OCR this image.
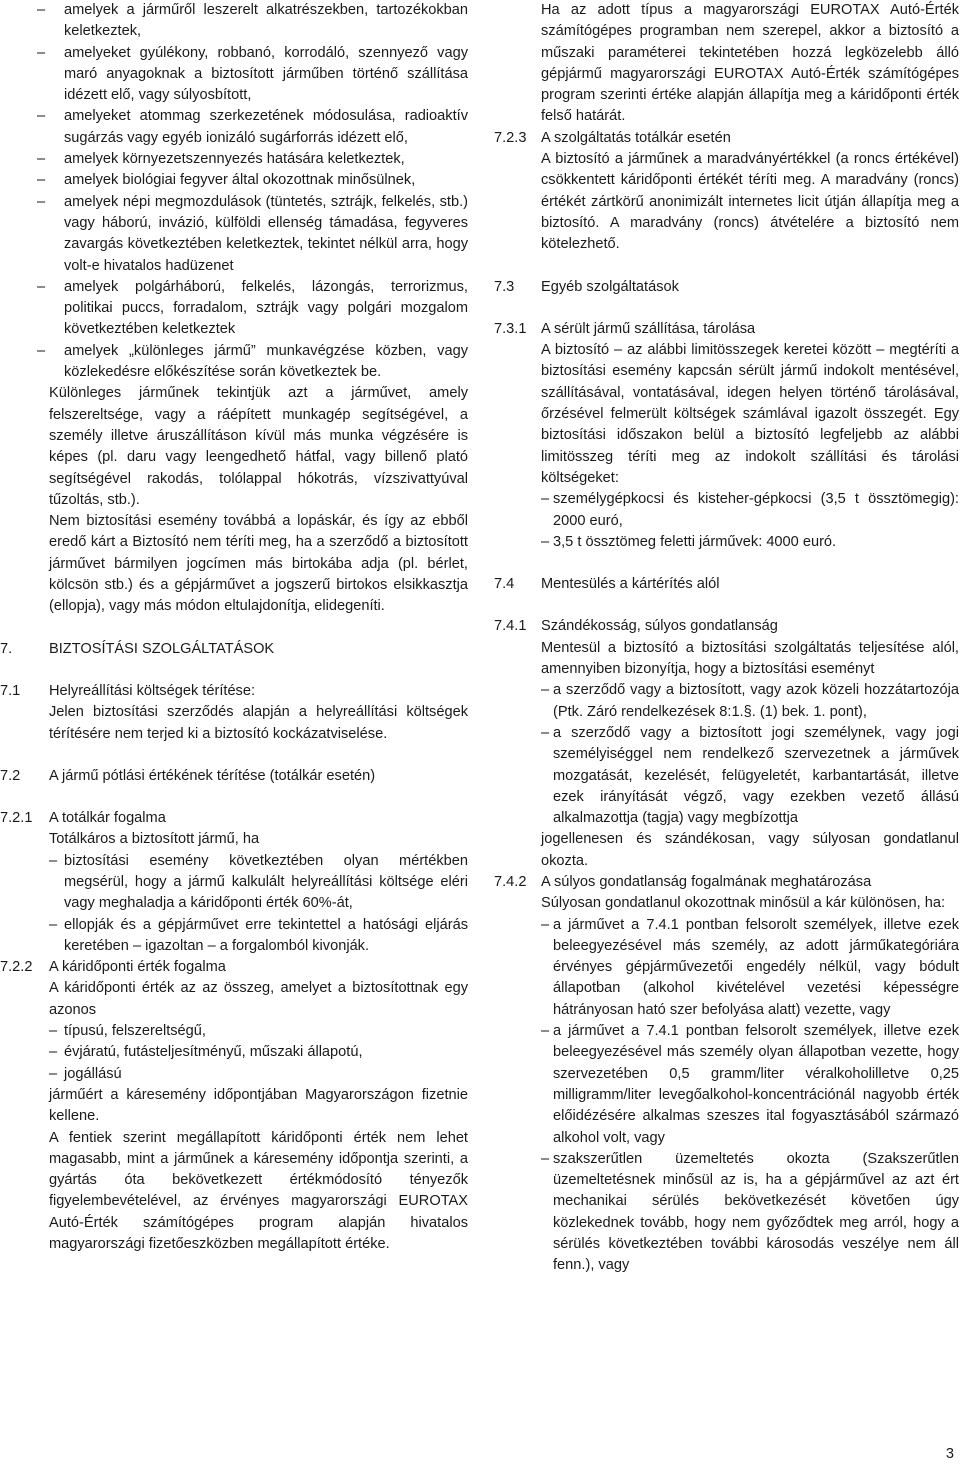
– amelyek a járműről leszerelt alkatrészekben, tartozékokban keletkeztek,

– amelyeket gyúlékony, robbanó, korrodáló, szennyező vagy maró anyagoknak a biztosított járműben történő szállítása idézett elő, vagy súlyosbított,

– amelyeket atommag szerkezetének módosulása, radioaktív sugárzás vagy egyéb ionizáló sugárforrás idézett elő,

– amelyek környezetszennyezés hatására keletkeztek,

– amelyek biológiai fegyver által okozottnak minősülnek,

– amelyek népi megmozdulások (tüntetés, sztrájk, felkelés, stb.) vagy háború, invázió, külföldi ellenség támadása, fegyveres zavargás következtében keletkeztek, tekintet nélkül arra, hogy volt-e hivatalos hadüzenet

– amelyek polgárháború, felkelés, lázongás, terrorizmus, politikai puccs, forradalom, sztrájk vagy polgári mozgalom következtében keletkeztek

– amelyek „különleges jármű” munkavégzése közben, vagy közlekedésre előkészítése során következtek be.

Különleges járműnek tekintjük azt a járművet, amely felszereltsége, vagy a ráépített munkagép segítségével, a személy illetve áruszállításon kívül más munka végzésére is képes (pl. daru vagy leengedhető hátfal, vagy billenő plató segítségével rakodás, tolólappal hókotrás, vízszivattyúval tűzoltás, stb.).

Nem biztosítási esemény továbbá a lopáskár, és így az ebből eredő kárt a Biztosító nem téríti meg, ha a szerződő a biztosított járművet bármilyen jogcímen más birtokába adja (pl. bérlet, kölcsön stb.) és a gépjárművet a jogszerű birtokos elsikkasztja (ellopja), vagy más módon eltulajdonítja, elidegeníti.

7.	BIZTOSÍTÁSI SZOLGÁLTATÁSOK

7.1 Helyreállítási költségek térítése:

Jelen biztosítási szerződés alapján a helyreállítási költségek térítésére nem terjed ki a biztosító kockázatviselése.

7.2 A jármű pótlási értékének térítése (totálkár esetén)

7.2.1 A totálkár fogalma

Totálkáros a biztosított jármű, ha

– biztosítási esemény következtében olyan mértékben megsérül, hogy a jármű kalkulált helyreállítási költsége eléri vagy meghaladja a káridőponti érték 60%-át,

– ellopják és a gépjárművet erre tekintettel a hatósági eljárás keretében – igazoltan – a forgalomból kivonják.

7.2.2 A káridőponti érték fogalma

A káridőponti érték az az összeg, amelyet a biztosítottnak egy azonos

– típusú, felszereltségű,

– évjáratú, futásteljesítményű, műszaki állapotú,

– jogállású

járműért a káresemény időpontjában Magyarországon fizetnie kellene.

A fentiek szerint megállapított káridőponti érték nem lehet magasabb, mint a járműnek a káresemény időpontja szerinti, a gyártás óta bekövetkezett értékmódosító tényezők figyelembevételével, az érvényes magyarországi EUROTAX Autó-Érték számítógépes program alapján hivatalos magyarországi fizetőeszközben megállapított értéke.

Ha az adott típus a magyarországi EUROTAX Autó-Érték számítógépes programban nem szerepel, akkor a biztosító a műszaki paraméterei tekintetében hozzá legközelebb álló gépjármű magyarországi EUROTAX Autó-Érték számítógépes program szerinti értéke alapján állapítja meg a káridőponti érték felső határát.

7.2.3 A szolgáltatás totálkár esetén

A biztosító a járműnek a maradványértékkel (a roncs értékével) csökkentett káridőponti értékét téríti meg. A maradvány (roncs) értékét zártkörű anonimizált internetes licit útján állapítja meg a biztosító. A maradvány (roncs) átvételére a biztosító nem kötelezhető.

7.3 Egyéb szolgáltatások

7.3.1 A sérült jármű szállítása, tárolása

A biztosító – az alábbi limitösszegek keretei között – megtéríti a biztosítási esemény kapcsán sérült jármű indokolt mentésével, szállításával, vontatásával, idegen helyen történő tárolásával, őrzésével felmerült költségek számlával igazolt összegét. Egy biztosítási időszakon belül a biztosító legfeljebb az alábbi limitösszeg téríti meg az indokolt szállítási és tárolási költségeket:

– személygépkocsi és kisteher-gépkocsi (3,5 t össztömegig): 2000 euró,

– 3,5 t össztömeg feletti járművek: 4000 euró.

7.4 Mentesülés a kártérítés alól

7.4.1 Szándékosság, súlyos gondatlanság

Mentesül a biztosító a biztosítási szolgáltatás teljesítése alól, amennyiben bizonyítja, hogy a biztosítási eseményt

– a szerződő vagy a biztosított, vagy azok közeli hozzátartozója (Ptk. Záró rendelkezések 8:1.§. (1) bek. 1. pont),

– a szerződő vagy a biztosított jogi személynek, vagy jogi személyiséggel nem rendelkező szervezetnek a járművek mozgatását, kezelését, felügyeletét, karbantartását, illetve ezek irányítását végző, vagy ezekben vezető állású alkalmazottja (tagja) vagy megbízottja

jogellenesen és szándékosan, vagy súlyosan gondatlanul okozta.

7.4.2 A súlyos gondatlanság fogalmának meghatározása

Súlyosan gondatlanul okozottnak minősül a kár különösen, ha:

– a járművet a 7.4.1 pontban felsorolt személyek, illetve ezek beleegyezésével más személy, az adott járműkategóriára érvényes gépjárművezetői engedély nélkül, vagy bódult állapotban (alkohol kivételével vezetési képességre hátrányosan ható szer befolyása alatt) vezette, vagy

– a járművet a 7.4.1 pontban felsorolt személyek, illetve ezek beleegyezésével más személy olyan állapotban vezette, hogy szervezetében 0,5 gramm/liter véralkoholilletve 0,25 milligramm/liter levegőalkohol-koncentrációnál nagyobb érték előidézésére alkalmas szeszes ital fogyasztásából származó alkohol volt, vagy

– szakszerűtlen üzemeltetés okozta (Szakszerűtlen üzemeltetésnek minősül az is, ha a gépjárművel az azt ért mechanikai sérülés bekövetkezését követően úgy közlekednek tovább, hogy nem győződtek meg arról, hogy a sérülés következtében további károsodás veszélye nem áll fenn.), vagy

3
